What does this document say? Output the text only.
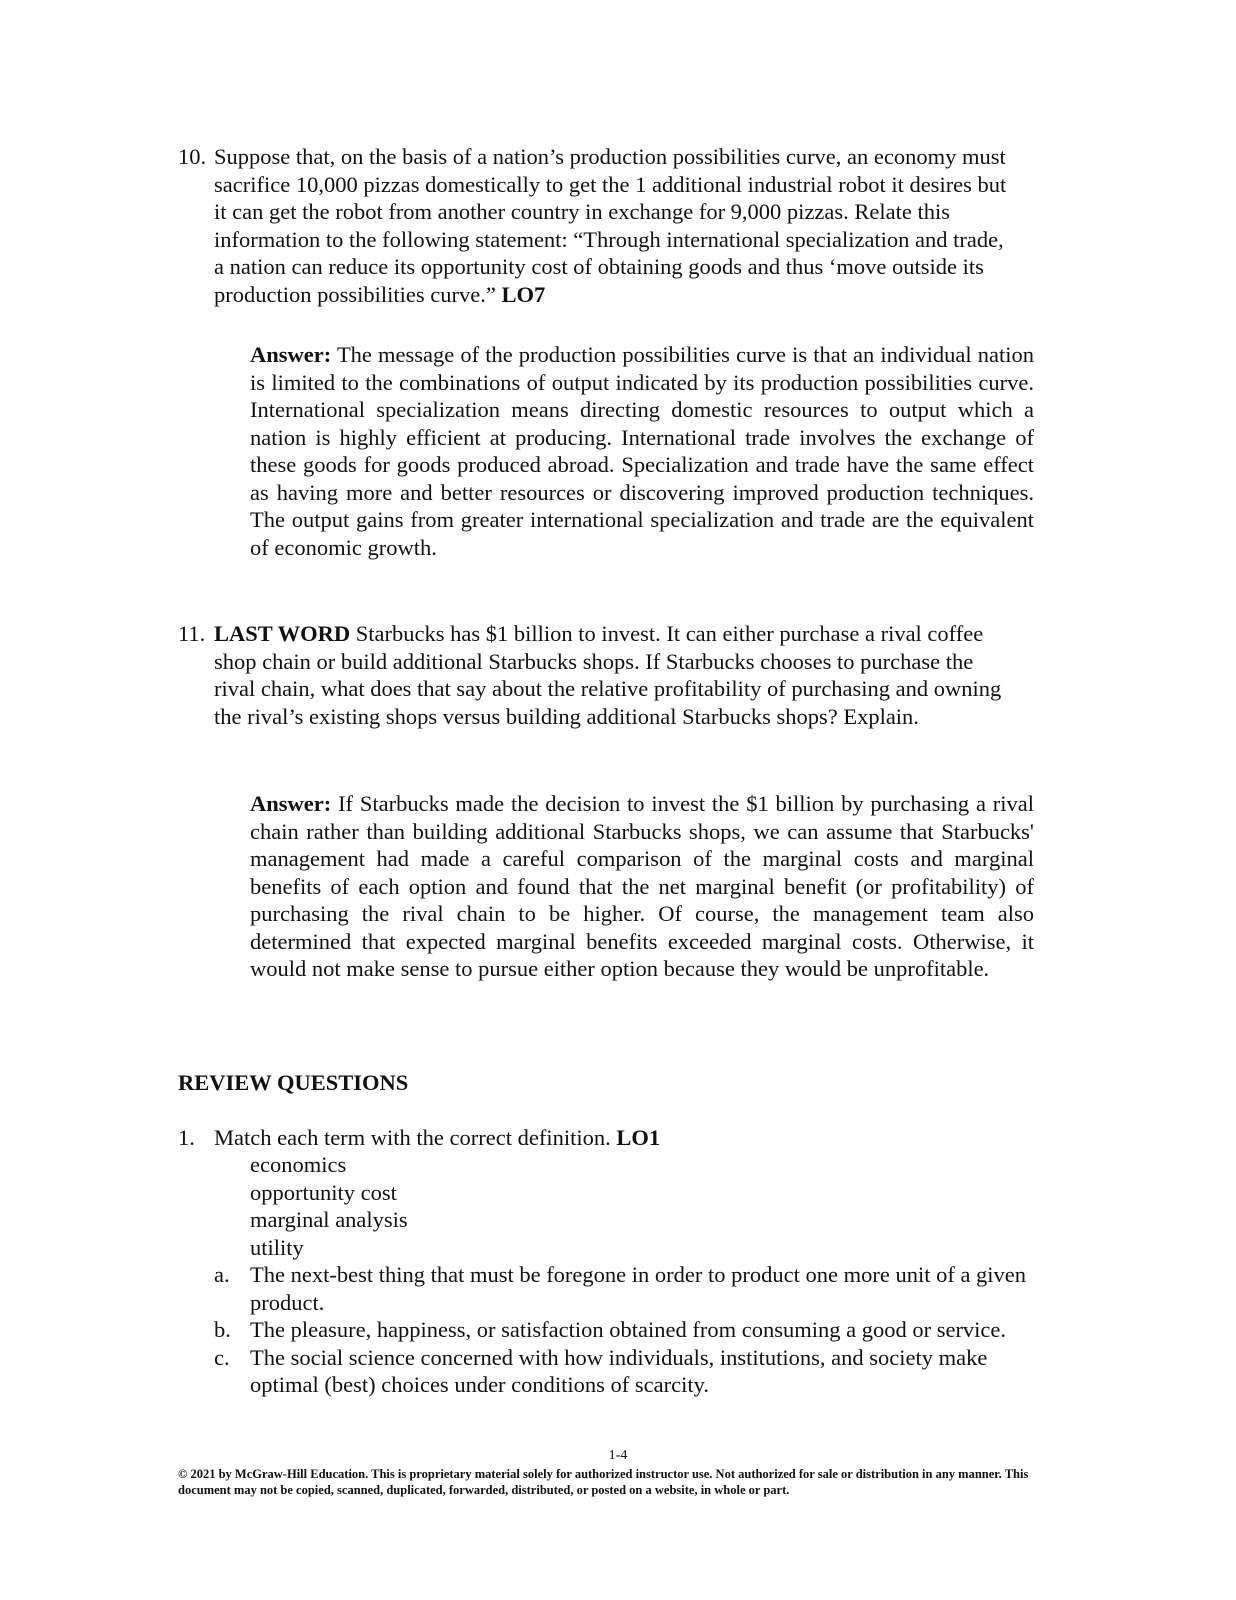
10. Suppose that, on the basis of a nation’s production possibilities curve, an economy must sacrifice 10,000 pizzas domestically to get the 1 additional industrial robot it desires but it can get the robot from another country in exchange for 9,000 pizzas. Relate this information to the following statement: “Through international specialization and trade, a nation can reduce its opportunity cost of obtaining goods and thus ‘move outside its production possibilities curve.” LO7
Answer: The message of the production possibilities curve is that an individual nation is limited to the combinations of output indicated by its production possibilities curve. International specialization means directing domestic resources to output which a nation is highly efficient at producing. International trade involves the exchange of these goods for goods produced abroad. Specialization and trade have the same effect as having more and better resources or discovering improved production techniques. The output gains from greater international specialization and trade are the equivalent of economic growth.
11. LAST WORD Starbucks has $1 billion to invest. It can either purchase a rival coffee shop chain or build additional Starbucks shops. If Starbucks chooses to purchase the rival chain, what does that say about the relative profitability of purchasing and owning the rival’s existing shops versus building additional Starbucks shops? Explain.
Answer: If Starbucks made the decision to invest the $1 billion by purchasing a rival chain rather than building additional Starbucks shops, we can assume that Starbucks' management had made a careful comparison of the marginal costs and marginal benefits of each option and found that the net marginal benefit (or profitability) of purchasing the rival chain to be higher. Of course, the management team also determined that expected marginal benefits exceeded marginal costs. Otherwise, it would not make sense to pursue either option because they would be unprofitable.
REVIEW QUESTIONS
1. Match each term with the correct definition. LO1
economics
opportunity cost
marginal analysis
utility
a. The next-best thing that must be foregone in order to product one more unit of a given product.
b. The pleasure, happiness, or satisfaction obtained from consuming a good or service.
c. The social science concerned with how individuals, institutions, and society make optimal (best) choices under conditions of scarcity.
1-4
© 2021 by McGraw-Hill Education. This is proprietary material solely for authorized instructor use. Not authorized for sale or distribution in any manner. This document may not be copied, scanned, duplicated, forwarded, distributed, or posted on a website, in whole or part.
